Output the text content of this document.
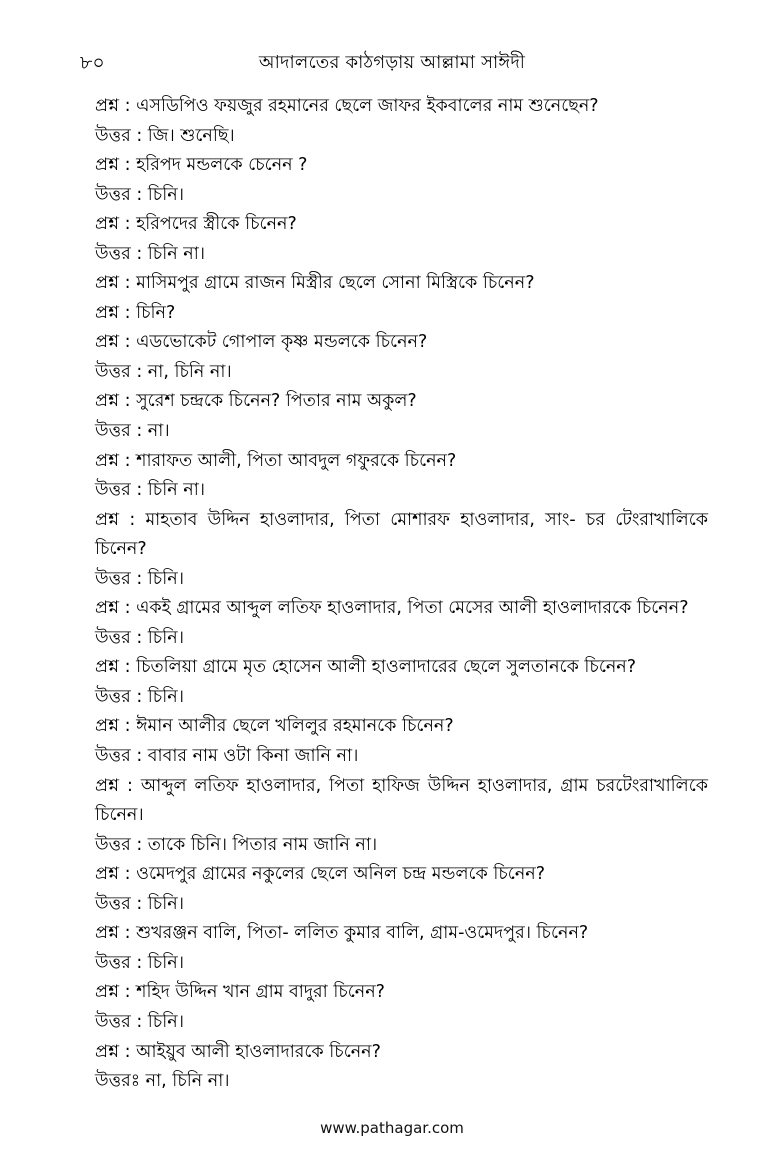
৮০	আদালতের কাঠগড়ায় আল্লামা সাঈদী
প্রশ্ন : এসডিপিও ফয়জুর রহমানের ছেলে জাফর ইকবালের নাম শুনেছেন?
উত্তর : জি। শুনেছি।
প্রশ্ন : হরিপদ মন্ডলকে চেনেন ?
উত্তর : চিনি।
প্রশ্ন : হরিপদের স্ত্রীকে চিনেন?
উত্তর : চিনি না।
প্রশ্ন : মাসিমপুর গ্রামে রাজন মিস্ত্রীর ছেলে সোনা মিস্ত্রিকে চিনেন?
প্রশ্ন : চিনি?
প্রশ্ন : এডভোকেট গোপাল কৃষ্ণ মন্ডলকে চিনেন?
উত্তর : না, চিনি না।
প্রশ্ন : সুরেশ চন্দ্রকে চিনেন? পিতার নাম অকুল?
উত্তর : না।
প্রশ্ন : শারাফত আলী, পিতা আবদুল গফুরকে চিনেন?
উত্তর : চিনি না।
প্রশ্ন : মাহতাব উদ্দিন হাওলাদার, পিতা মোশারফ হাওলাদার, সাং- চর টেংরাখালিকে চিনেন?
উত্তর : চিনি।
প্রশ্ন : একই গ্রামের আব্দুল লতিফ হাওলাদার, পিতা মেসের আলী হাওলাদারকে চিনেন?
উত্তর : চিনি।
প্রশ্ন : চিতলিয়া গ্রামে মৃত হোসেন আলী হাওলাদারের ছেলে সুলতানকে চিনেন?
উত্তর : চিনি।
প্রশ্ন : ঈমান আলীর ছেলে খলিলুর রহমানকে চিনেন?
উত্তর : বাবার নাম ওটা কিনা জানি না।
প্রশ্ন : আব্দুল লতিফ হাওলাদার, পিতা হাফিজ উদ্দিন হাওলাদার, গ্রাম চরটেংরাখালিকে চিনেন।
উত্তর : তাকে চিনি। পিতার নাম জানি না।
প্রশ্ন : ওমেদপুর গ্রামের নকুলের ছেলে অনিল চন্দ্র মন্ডলকে চিনেন?
উত্তর : চিনি।
প্রশ্ন : শুখরঞ্জন বালি, পিতা- ললিত কুমার বালি, গ্রাম-ওমেদপুর। চিনেন?
উত্তর : চিনি।
প্রশ্ন : শহিদ উদ্দিন খান গ্রাম বাদুরা চিনেন?
উত্তর : চিনি।
প্রশ্ন : আইয়ুব আলী হাওলাদারকে চিনেন?
উত্তরঃ না, চিনি না।
www.pathagar.com
